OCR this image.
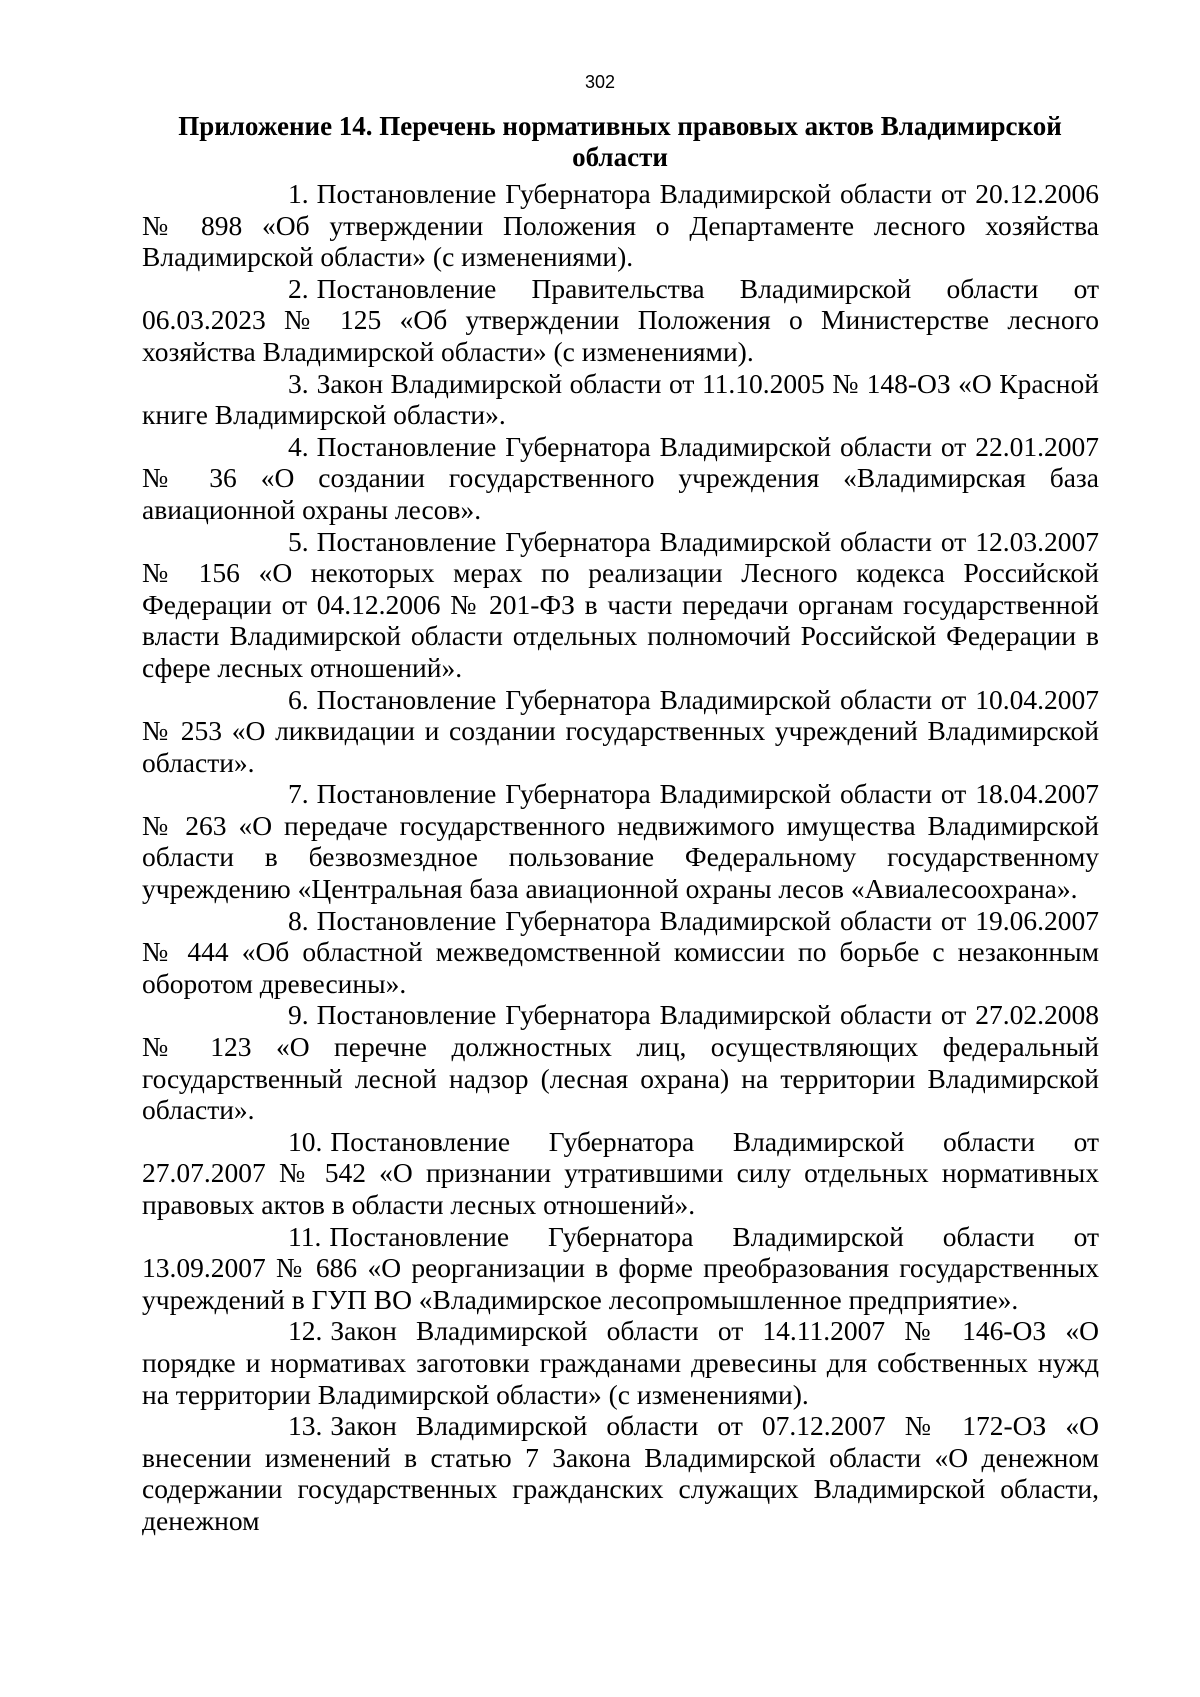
302
Приложение 14. Перечень нормативных правовых актов Владимирской области

1. Постановление Губернатора Владимирской области от 20.12.2006 № 898 «Об утверждении Положения о Департаменте лесного хозяйства Владимирской области» (с изменениями).

2. Постановление Правительства Владимирской области от 06.03.2023 № 125 «Об утверждении Положения о Министерстве лесного хозяйства Владимирской области» (с изменениями).

3. Закон Владимирской области от 11.10.2005 № 148-ОЗ «О Красной книге Владимирской области».

4. Постановление Губернатора Владимирской области от 22.01.2007 № 36 «О создании государственного учреждения «Владимирская база авиационной охраны лесов».

5. Постановление Губернатора Владимирской области от 12.03.2007 № 156 «О некоторых мерах по реализации Лесного кодекса Российской Федерации от 04.12.2006 № 201-ФЗ в части передачи органам государственной власти Владимирской области отдельных полномочий Российской Федерации в сфере лесных отношений».

6. Постановление Губернатора Владимирской области от 10.04.2007 № 253 «О ликвидации и создании государственных учреждений Владимирской области».

7. Постановление Губернатора Владимирской области от 18.04.2007 № 263 «О передаче государственного недвижимого имущества Владимирской области в безвозмездное пользование Федеральному государственному учреждению «Центральная база авиационной охраны лесов «Авиалесоохрана».

8. Постановление Губернатора Владимирской области от 19.06.2007 № 444 «Об областной межведомственной комиссии по борьбе с незаконным оборотом древесины».

9. Постановление Губернатора Владимирской области от 27.02.2008 № 123 «О перечне должностных лиц, осуществляющих федеральный государственный лесной надзор (лесная охрана) на территории Владимирской области».

10. Постановление Губернатора Владимирской области от 27.07.2007 № 542 «О признании утратившими силу отдельных нормативных правовых актов в области лесных отношений».

11. Постановление Губернатора Владимирской области от 13.09.2007 № 686 «О реорганизации в форме преобразования государственных учреждений в ГУП ВО «Владимирское лесопромышленное предприятие».

12. Закон Владимирской области от 14.11.2007 № 146-ОЗ «О порядке и нормативах заготовки гражданами древесины для собственных нужд на территории Владимирской области» (с изменениями).

13. Закон Владимирской области от 07.12.2007 № 172-ОЗ «О внесении изменений в статью 7 Закона Владимирской области «О денежном содержании государственных гражданских служащих Владимирской области, денежном
